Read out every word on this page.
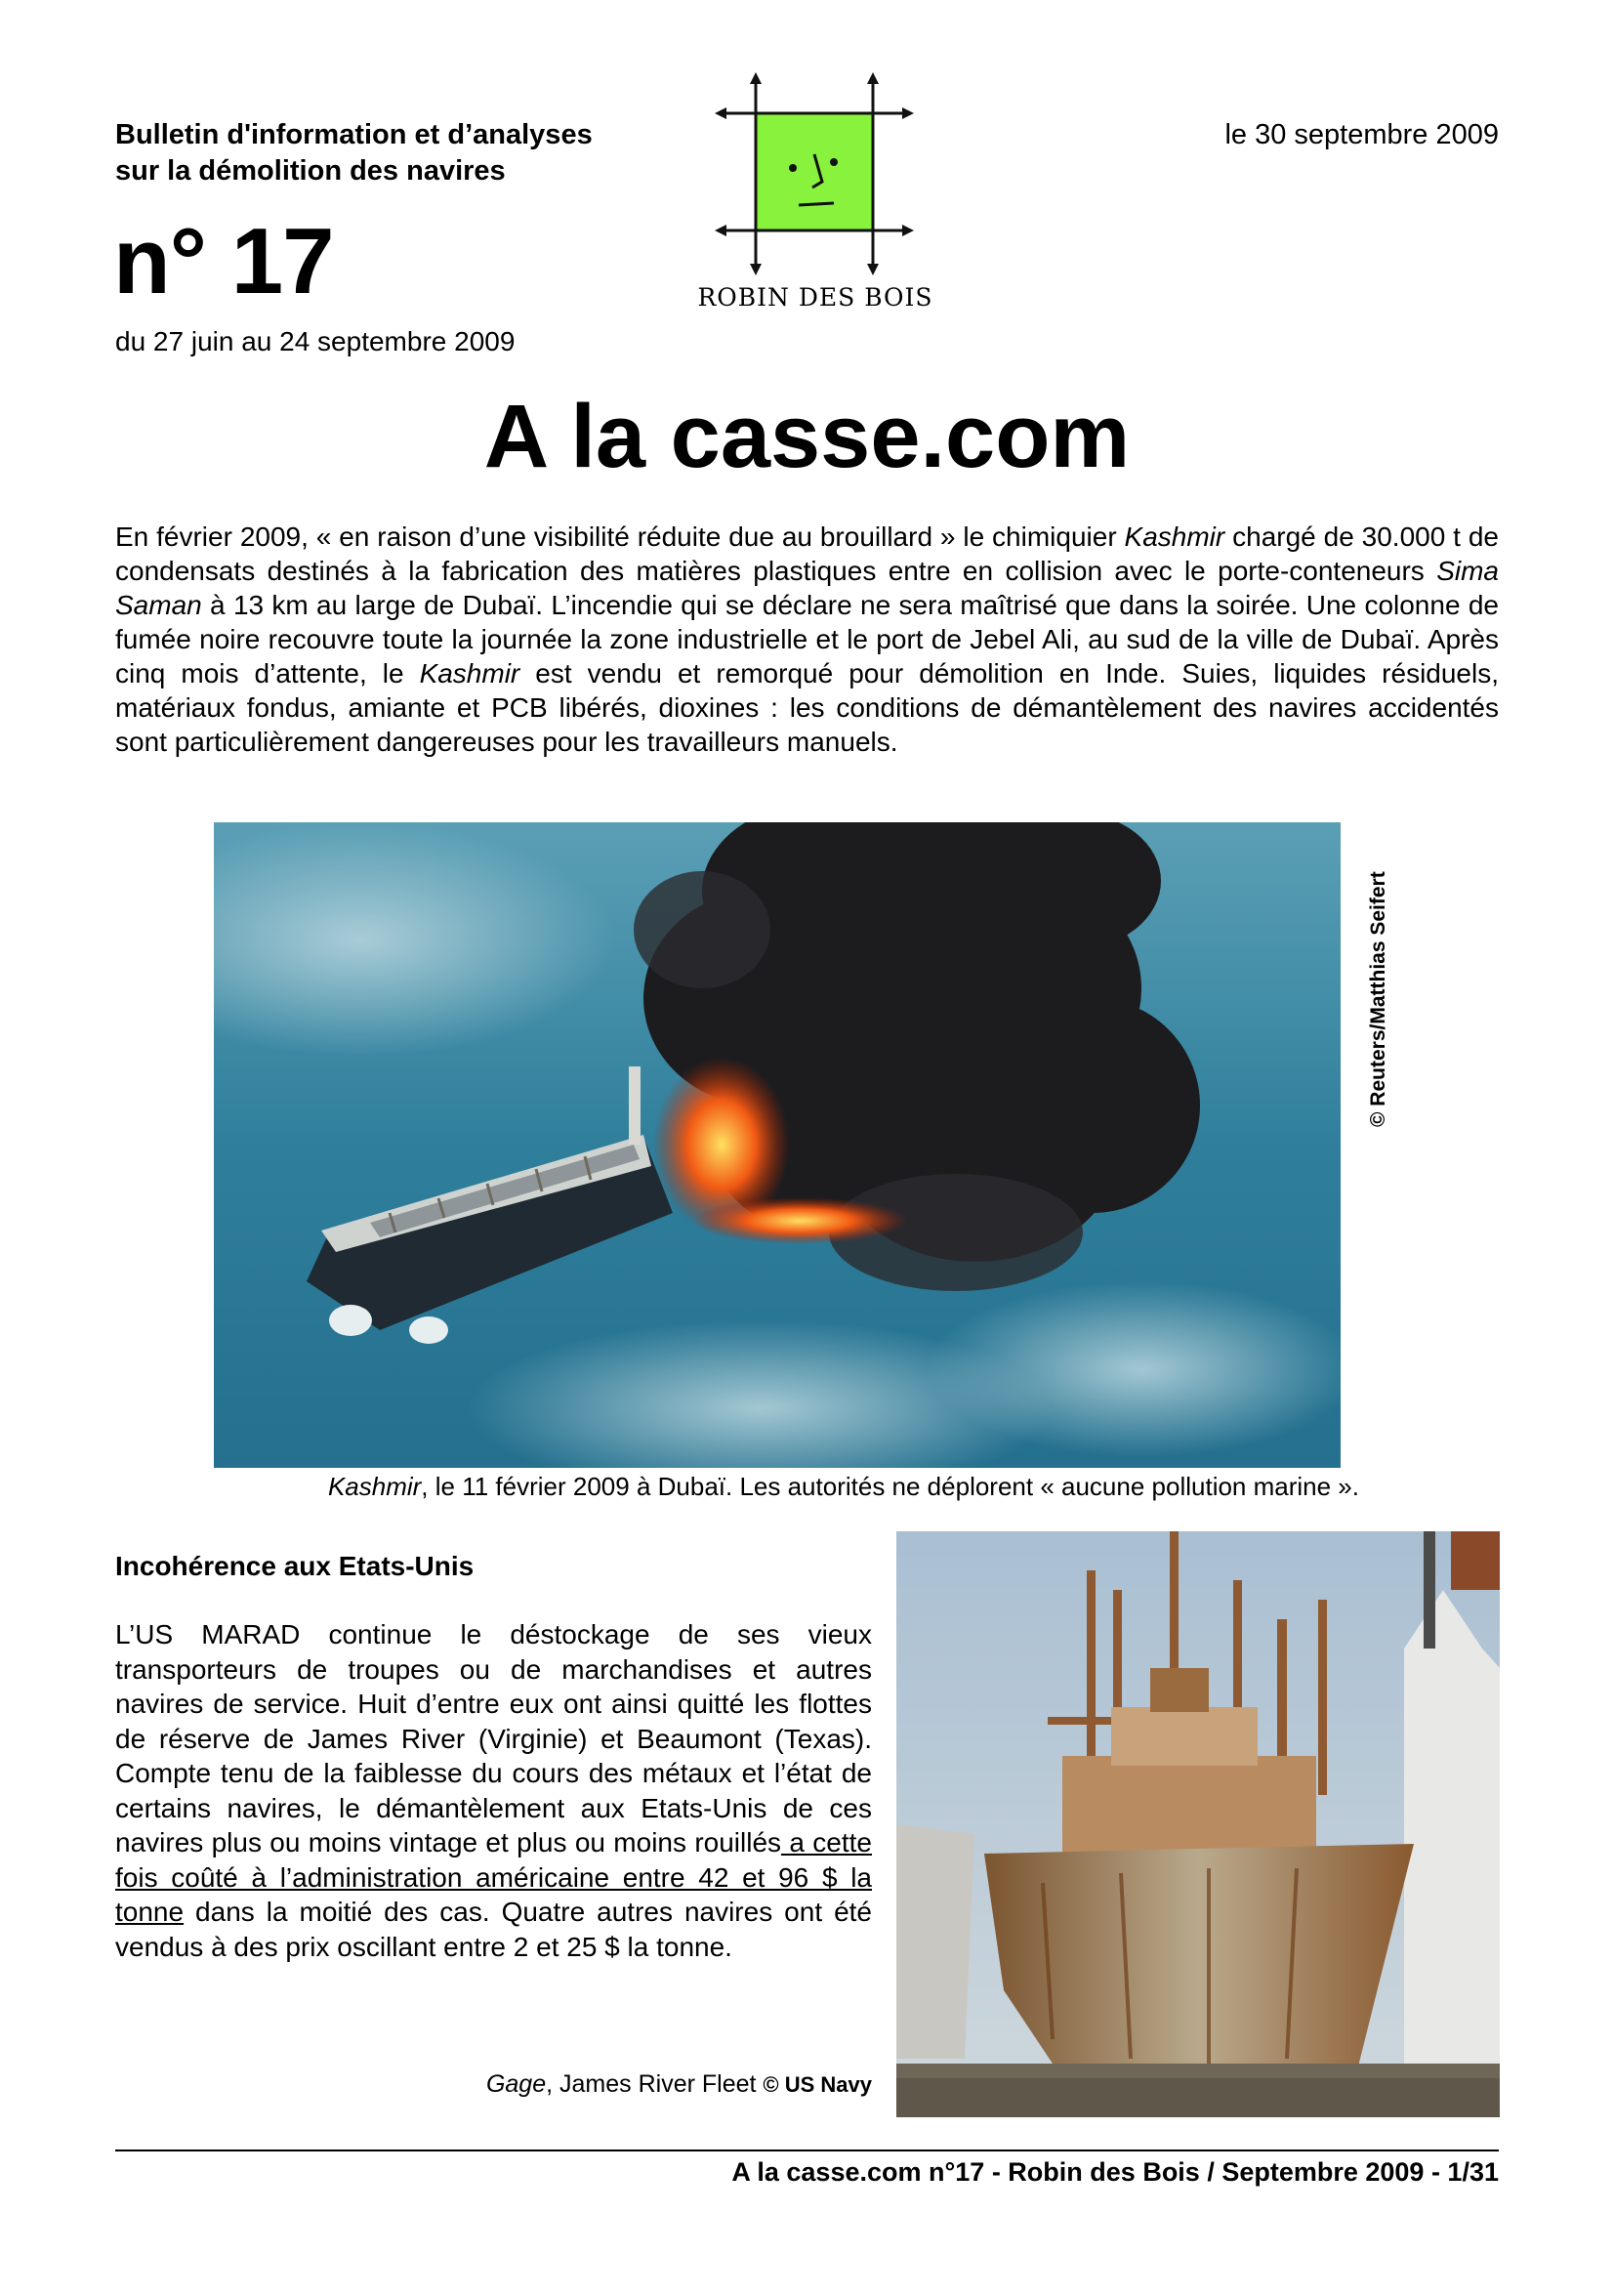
Bulletin d'information et d’analyses
sur la démolition des navires
le 30 septembre 2009
n° 17
du 27 juin au 24 septembre 2009
ROBIN DES BOIS
A la casse.com
En février 2009, « en raison d’une visibilité réduite due au brouillard » le chimiquier Kashmir chargé de 30.000 t de condensats destinés à la fabrication des matières plastiques entre en collision avec le porte-conteneurs Sima Saman à 13 km au large de Dubaï. L’incendie qui se déclare ne sera maîtrisé que dans la soirée. Une colonne de fumée noire recouvre toute la journée la zone industrielle et le port de Jebel Ali, au sud de la ville de Dubaï. Après cinq mois d’attente, le Kashmir est vendu et remorqué pour démolition en Inde. Suies, liquides résiduels, matériaux fondus, amiante et PCB libérés, dioxines : les conditions de démantèlement des navires accidentés sont particulièrement dangereuses pour les travailleurs manuels.
© Reuters/Matthias Seifert
Kashmir, le 11 février 2009 à Dubaï. Les autorités ne déplorent « aucune pollution marine ».
Incohérence aux Etats-Unis
L’US MARAD continue le déstockage de ses vieux transporteurs de troupes ou de marchandises et autres navires de service. Huit d’entre eux ont ainsi quitté les flottes de réserve de James River (Virginie) et Beaumont (Texas). Compte tenu de la faiblesse du cours des métaux et l’état de certains navires, le démantèlement aux Etats-Unis de ces navires plus ou moins vintage et plus ou moins rouillés a cette fois coûté à l’administration américaine entre 42 et 96 $ la tonne dans la moitié des cas. Quatre autres navires ont été vendus à des prix oscillant entre 2 et 25 $ la tonne.
Gage, James River Fleet © US Navy
A la casse.com n°17 - Robin des Bois / Septembre 2009 - 1/31
